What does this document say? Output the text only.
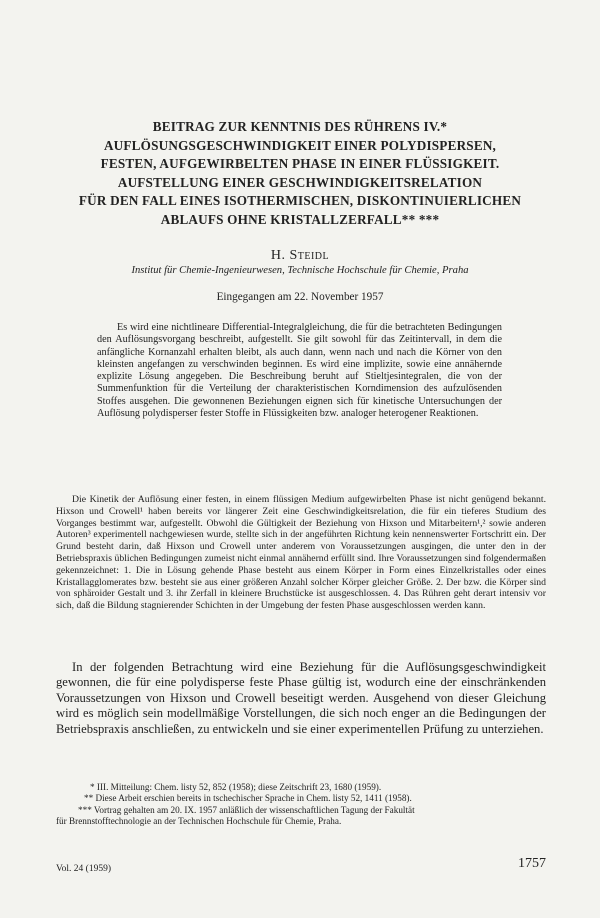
BEITRAG ZUR KENNTNIS DES RÜHRENS IV.*
AUFLÖSUNGSGESCHWINDIGKEIT EINER POLYDISPERSEN,
FESTEN, AUFGEWIRBELTEN PHASE IN EINER FLÜSSIGKEIT.
AUFSTELLUNG EINER GESCHWINDIGKEITSRELATION
FÜR DEN FALL EINES ISOTHERMISCHEN, DISKONTINUIERLICHEN
ABLAUFS OHNE KRISTALLZERFALL** ***
H. Steidl
Institut für Chemie-Ingenieurwesen, Technische Hochschule für Chemie, Praha
Eingegangen am 22. November 1957

Es wird eine nichtlineare Differential-Integralgleichung, die für die betrachteten Bedingungen den Auflösungsvorgang beschreibt, aufgestellt. Sie gilt sowohl für das Zeitintervall, in dem die anfängliche Kornanzahl erhalten bleibt, als auch dann, wenn nach und nach die Körner von den kleinsten angefangen zu verschwinden beginnen. Es wird eine implizite, sowie eine annähernde explizite Lösung angegeben. Die Beschreibung beruht auf Stieltjesintegralen, die von der Summenfunktion für die Verteilung der charakteristischen Korndimension des aufzulösenden Stoffes ausgehen. Die gewonnenen Beziehungen eignen sich für kinetische Untersuchungen der Auflösung polydisperser fester Stoffe in Flüssigkeiten bzw. analoger heterogener Reaktionen.

Die Kinetik der Auflösung einer festen, in einem flüssigen Medium aufgewirbelten Phase ist nicht genügend bekannt. Hixson und Crowell¹ haben bereits vor längerer Zeit eine Geschwindigkeitsrelation, die für ein tieferes Studium des Vorganges bestimmt war, aufgestellt. Obwohl die Gültigkeit der Beziehung von Hixson und Mitarbeitern¹,² sowie anderen Autoren³ experimentell nachgewiesen wurde, stellte sich in der angeführten Richtung kein nennenswerter Fortschritt ein. Der Grund besteht darin, daß Hixson und Crowell unter anderem von Voraussetzungen ausgingen, die unter den in der Betriebspraxis üblichen Bedingungen zumeist nicht einmal annähernd erfüllt sind. Ihre Voraussetzungen sind folgendermaßen gekennzeichnet: 1. Die in Lösung gehende Phase besteht aus einem Körper in Form eines Einzelkristalles oder eines Kristallagglomerates bzw. besteht sie aus einer größeren Anzahl solcher Körper gleicher Größe. 2. Der bzw. die Körper sind von sphäroider Gestalt und 3. ihr Zerfall in kleinere Bruchstücke ist ausgeschlossen. 4. Das Rühren geht derart intensiv vor sich, daß die Bildung stagnierender Schichten in der Umgebung der festen Phase ausgeschlossen werden kann.

In der folgenden Betrachtung wird eine Beziehung für die Auflösungsgeschwindigkeit gewonnen, die für eine polydisperse feste Phase gültig ist, wodurch eine der einschränkenden Voraussetzungen von Hixson und Crowell beseitigt werden. Ausgehend von dieser Gleichung wird es möglich sein modellmäßige Vorstellungen, die sich noch enger an die Bedingungen der Betriebspraxis anschließen, zu entwickeln und sie einer experimentellen Prüfung zu unterziehen.

* III. Mitteilung: Chem. listy 52, 852 (1958); diese Zeitschrift 23, 1680 (1959).
** Diese Arbeit erschien bereits in tschechischer Sprache in Chem. listy 52, 1411 (1958).
*** Vortrag gehalten am 20. IX. 1957 anläßlich der wissenschaftlichen Tagung der Fakultät
für Brennstofftechnologie an der Technischen Hochschule für Chemie, Praha.
Vol. 24 (1959)	1757
